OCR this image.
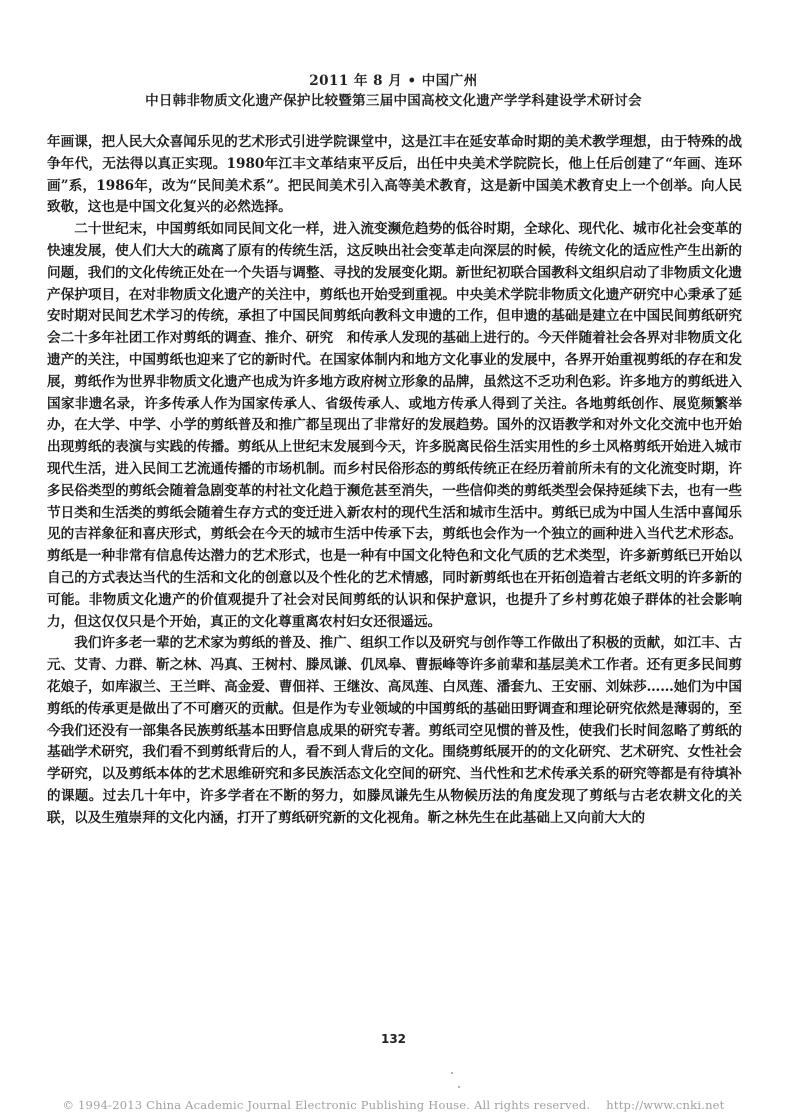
2011 年 8 月 • 中国广州
中日韩非物质文化遗产保护比较暨第三届中国高校文化遗产学学科建设学术研讨会

年画课，把人民大众喜闻乐见的艺术形式引进学院课堂中，这是江丰在延安革命时期的美术教学理想，由于特殊的战争年代，无法得以真正实现。1980年江丰文革结束平反后，出任中央美术学院院长，他上任后创建了“年画、连环画”系，1986年，改为“民间美术系”。把民间美术引入高等美术教育，这是新中国美术教育史上一个创举。向人民致敬，这也是中国文化复兴的必然选择。

二十世纪末，中国剪纸如同民间文化一样，进入流变濒危趋势的低谷时期，全球化、现代化、城市化社会变革的快速发展，使人们大大的疏离了原有的传统生活，这反映出社会变革走向深层的时候，传统文化的适应性产生出新的问题，我们的文化传统正处在一个失语与调整、寻找的发展变化期。新世纪初联合国教科文组织启动了非物质文化遗产保护项目，在对非物质文化遗产的关注中，剪纸也开始受到重视。中央美术学院非物质文化遗产研究中心秉承了延安时期对民间艺术学习的传统，承担了中国民间剪纸向教科文申遗的工作，但申遗的基础是建立在中国民间剪纸研究会二十多年社团工作对剪纸的调查、推介、研究　和传承人发现的基础上进行的。今天伴随着社会各界对非物质文化遗产的关注，中国剪纸也迎来了它的新时代。在国家体制内和地方文化事业的发展中，各界开始重视剪纸的存在和发展，剪纸作为世界非物质文化遗产也成为许多地方政府树立形象的品牌，虽然这不乏功利色彩。许多地方的剪纸进入国家非遗名录，许多传承人作为国家传承人、省级传承人、或地方传承人得到了关注。各地剪纸创作、展览频繁举办，在大学、中学、小学的剪纸普及和推广都呈现出了非常好的发展趋势。国外的汉语教学和对外文化交流中也开始出现剪纸的表演与实践的传播。剪纸从上世纪末发展到今天，许多脱离民俗生活实用性的乡土风格剪纸开始进入城市现代生活，进入民间工艺流通传播的市场机制。而乡村民俗形态的剪纸传统正在经历着前所未有的文化流变时期，许多民俗类型的剪纸会随着急剧变革的村社文化趋于濒危甚至消失，一些信仰类的剪纸类型会保持延续下去，也有一些节日类和生活类的剪纸会随着生存方式的变迁进入新农村的现代生活和城市生活中。剪纸已成为中国人生活中喜闻乐见的吉祥象征和喜庆形式，剪纸会在今天的城市生活中传承下去，剪纸也会作为一个独立的画种进入当代艺术形态。剪纸是一种非常有信息传达潜力的艺术形式，也是一种有中国文化特色和文化气质的艺术类型，许多新剪纸已开始以自己的方式表达当代的生活和文化的创意以及个性化的艺术情感，同时新剪纸也在开拓创造着古老纸文明的许多新的可能。非物质文化遗产的价值观提升了社会对民间剪纸的认识和保护意识，也提升了乡村剪花娘子群体的社会影响力，但这仅仅只是个开始，真正的文化尊重离农村妇女还很遥远。

我们许多老一辈的艺术家为剪纸的普及、推广、组织工作以及研究与创作等工作做出了积极的贡献，如江丰、古元、艾青、力群、靳之林、冯真、王树村、滕凤谦、仉凤皋、曹振峰等许多前辈和基层美术工作者。还有更多民间剪花娘子，如库淑兰、王兰畔、高金爱、曹佃祥、王继汝、高凤莲、白凤莲、潘套九、王安丽、刘妹莎……她们为中国剪纸的传承更是做出了不可磨灭的贡献。但是作为专业领域的中国剪纸的基础田野调查和理论研究依然是薄弱的，至今我们还没有一部集各民族剪纸基本田野信息成果的研究专著。剪纸司空见惯的普及性，使我们长时间忽略了剪纸的基础学术研究，我们看不到剪纸背后的人，看不到人背后的文化。围绕剪纸展开的的文化研究、艺术研究、女性社会学研究，以及剪纸本体的艺术思维研究和多民族活态文化空间的研究、当代性和艺术传承关系的研究等都是有待填补的课题。过去几十年中，许多学者在不断的努力，如滕凤谦先生从物候历法的角度发现了剪纸与古老农耕文化的关联，以及生殖崇拜的文化内涵，打开了剪纸研究新的文化视角。靳之林先生在此基础上又向前大大的

132
© 1994-2013 China Academic Journal Electronic Publishing House. All rights reserved. http://www.cnki.net
